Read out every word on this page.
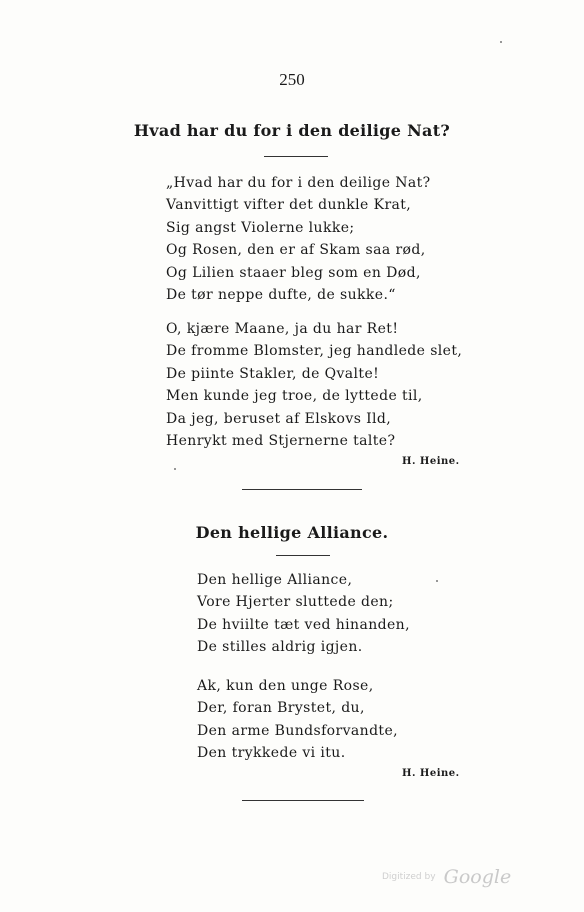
250
Hvad har du for i den deilige Nat?
„Hvad har du for i den deilige Nat?
Vanvittigt vifter det dunkle Krat,
Sig angst Violerne lukke;
Og Rosen, den er af Skam saa rød,
Og Lilien staaer bleg som en Død,
De tør neppe dufte, de sukke.“
O, kjære Maane, ja du har Ret!
De fromme Blomster, jeg handlede slet,
De piinte Stakler, de Qvalte!
Men kunde jeg troe, de lyttede til,
Da jeg, beruset af Elskovs Ild,
Henrykt med Stjernerne talte?
H. Heine.
Den hellige Alliance.
Den hellige Alliance,
Vore Hjerter sluttede den;
De hviilte tæt ved hinanden,
De stilles aldrig igjen.
Ak, kun den unge Rose,
Der, foran Brystet, du,
Den arme Bundsforvandte,
Den trykkede vi itu.
H. Heine.
Digitized by Google
